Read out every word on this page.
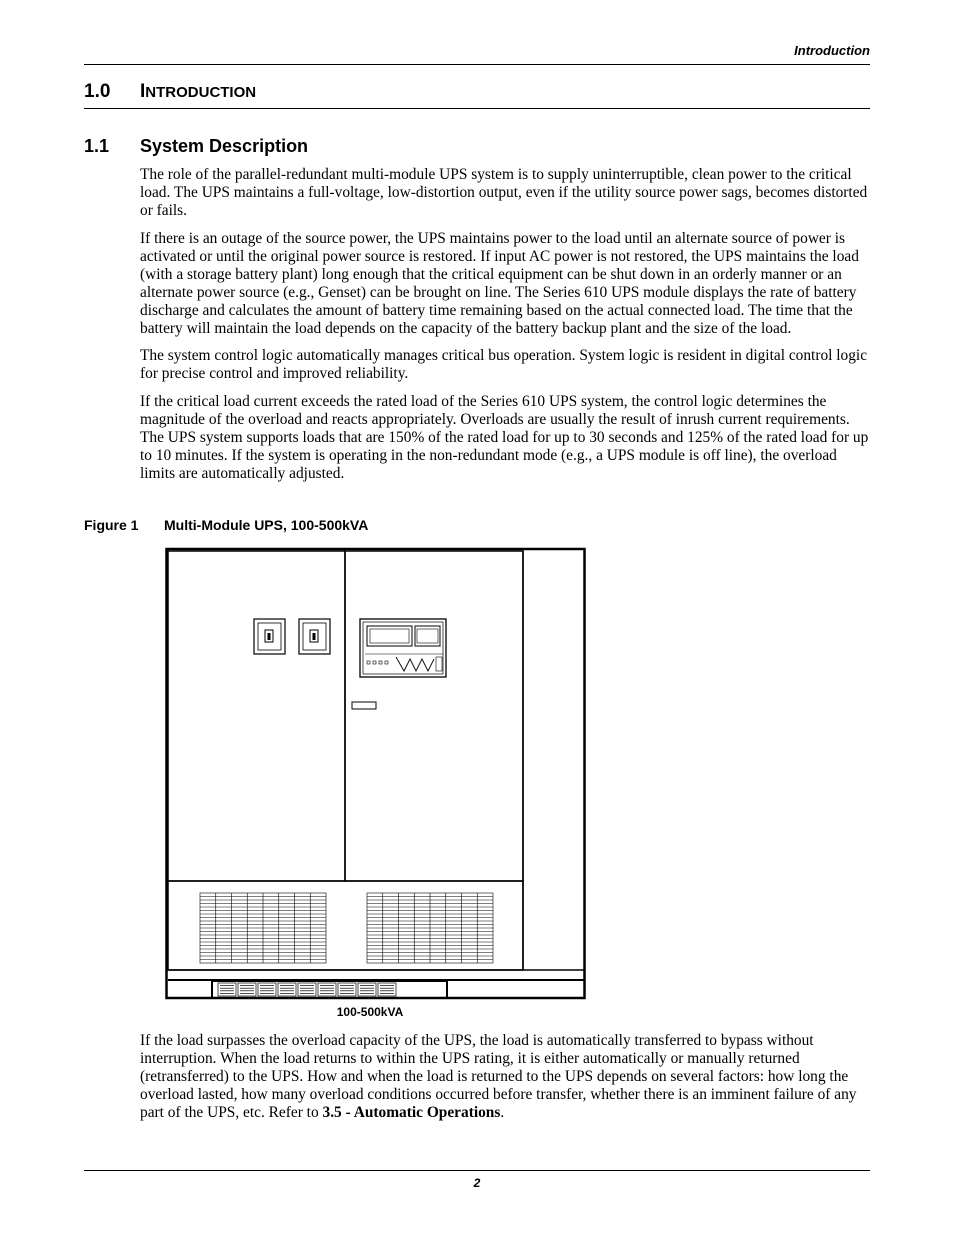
Introduction
1.0 INTRODUCTION
1.1 System Description

The role of the parallel-redundant multi-module UPS system is to supply uninterruptible, clean power to the critical load. The UPS maintains a full-voltage, low-distortion output, even if the utility source power sags, becomes distorted or fails.

If there is an outage of the source power, the UPS maintains power to the load until an alternate source of power is activated or until the original power source is restored. If input AC power is not restored, the UPS maintains the load (with a storage battery plant) long enough that the critical equipment can be shut down in an orderly manner or an alternate power source (e.g., Genset) can be brought on line. The Series 610 UPS module displays the rate of battery discharge and calculates the amount of battery time remaining based on the actual connected load. The time that the battery will maintain the load depends on the capacity of the battery backup plant and the size of the load.

The system control logic automatically manages critical bus operation. System logic is resident in digital control logic for precise control and improved reliability.

If the critical load current exceeds the rated load of the Series 610 UPS system, the control logic determines the magnitude of the overload and reacts appropriately. Overloads are usually the result of inrush current requirements. The UPS system supports loads that are 150% of the rated load for up to 30 seconds and 125% of the rated load for up to 10 minutes. If the system is operating in the non-redundant mode (e.g., a UPS module is off line), the overload limits are automatically adjusted.

Figure 1 Multi-Module UPS, 100-500kVA
100-500kVA

If the load surpasses the overload capacity of the UPS, the load is automatically transferred to bypass without interruption. When the load returns to within the UPS rating, it is either automatically or manually returned (retransferred) to the UPS. How and when the load is returned to the UPS depends on several factors: how long the overload lasted, how many overload conditions occurred before transfer, whether there is an imminent failure of any part of the UPS, etc. Refer to 3.5 - Automatic Operations.

2
